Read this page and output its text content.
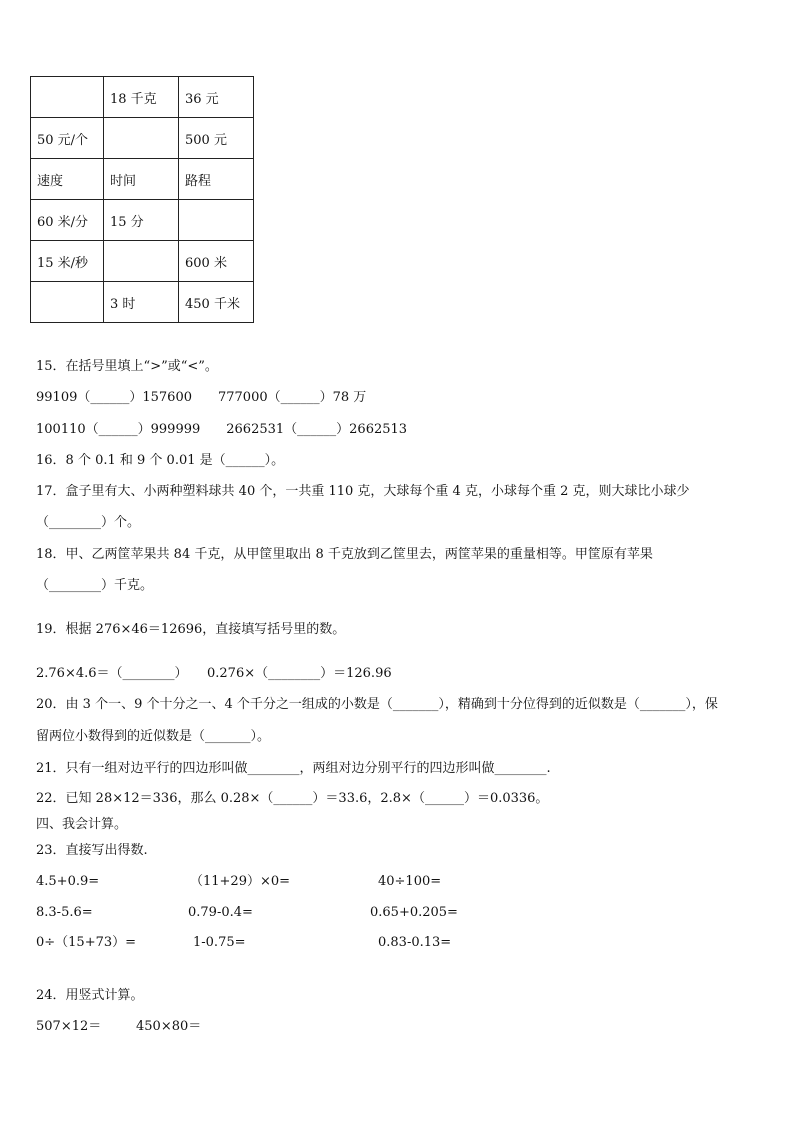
	18 千克	36 元
50 元/个		500 元
速度	时间	路程
60 米/分	15 分	
15 米/秒		600 米
	3 时	450 千米
15．在括号里填上“>”或“<”。
99109（______）157600　　777000（______）78 万
100110（______）999999　　2662531（______）2662513
16．8 个 0.1 和 9 个 0.01 是（______）。
17．盒子里有大、小两种塑料球共 40 个，一共重 110 克，大球每个重 4 克，小球每个重 2 克，则大球比小球少
（________）个。
18．甲、乙两筐苹果共 84 千克，从甲筐里取出 8 千克放到乙筐里去，两筐苹果的重量相等。甲筐原有苹果
（________）千克。
19．根据 276×46＝12696，直接填写括号里的数。
2.76×4.6＝（________）　　0.276×（________）＝126.96
20．由 3 个一、9 个十分之一、4 个千分之一组成的小数是（_______），精确到十分位得到的近似数是（_______），保
留两位小数得到的近似数是（_______）。
21．只有一组对边平行的四边形叫做________，两组对边分别平行的四边形叫做________.
22．已知 28×12＝336，那么 0.28×（______）＝33.6，2.8×（______）＝0.0336。
四、我会计算。
23．直接写出得数.
4.5+0.9=	（11+29）×0=	40÷100=
8.3-5.6=	0.79-0.4=	0.65+0.205=
0÷（15+73）=	1-0.75=	0.83-0.13=
24．用竖式计算。
507×12＝	450×80＝
